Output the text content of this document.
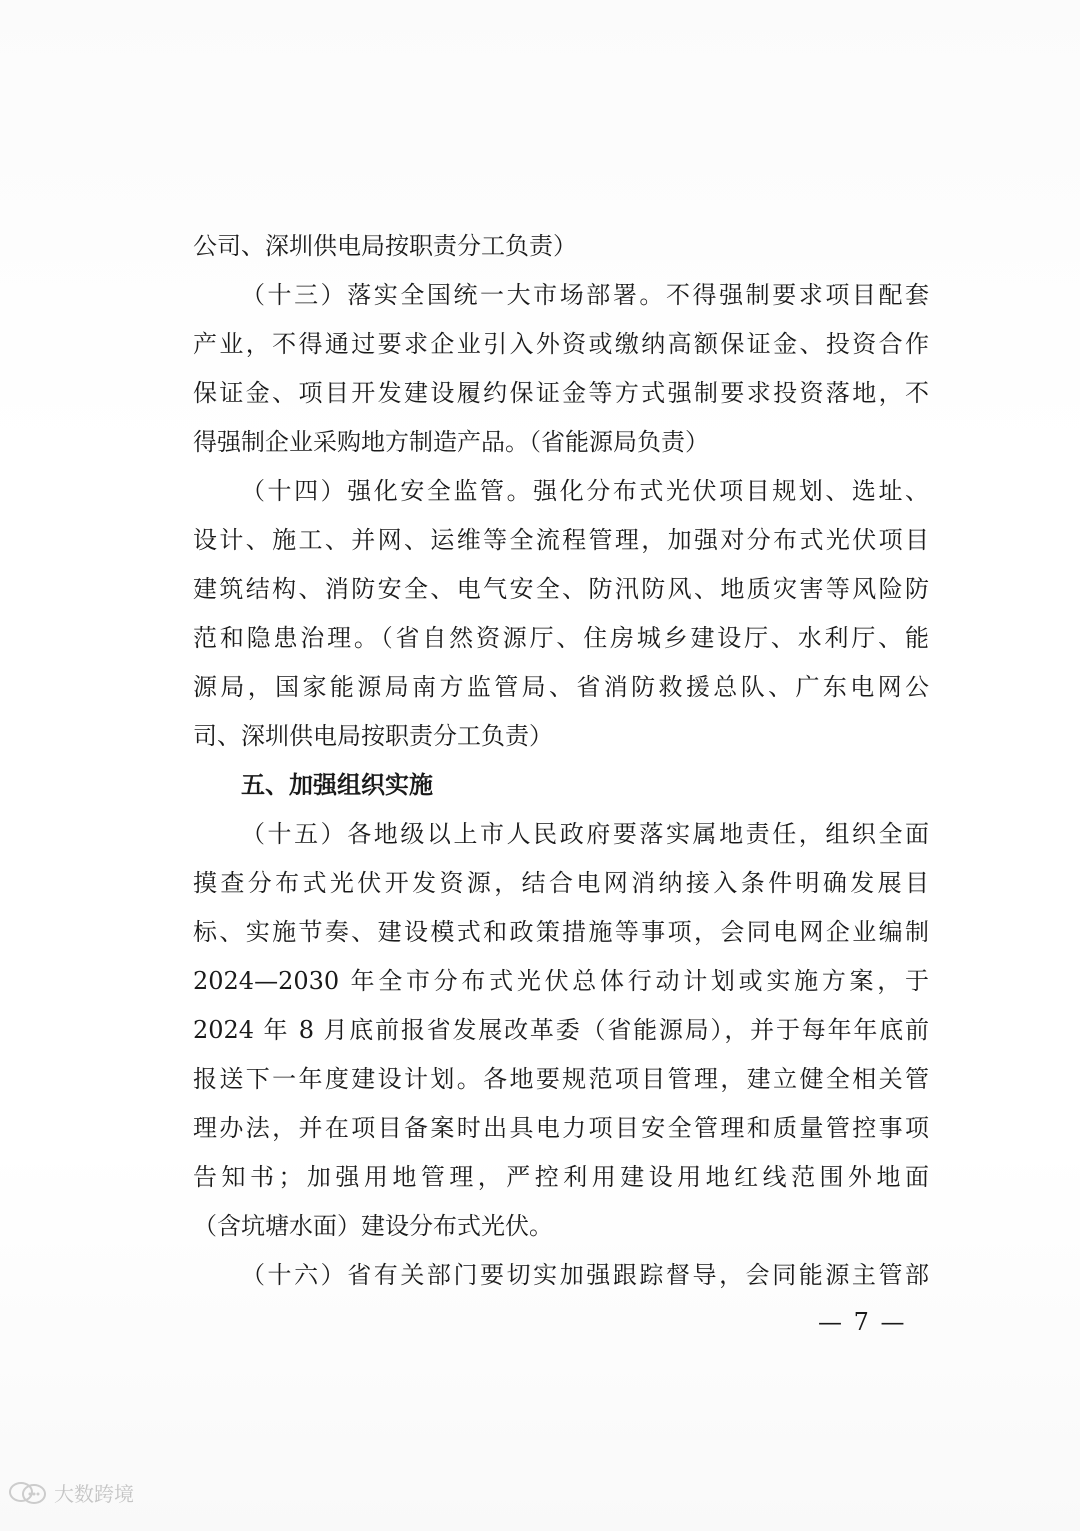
公司、深圳供电局按职责分工负责）
（十三）落实全国统一大市场部署。不得强制要求项目配套
产业，不得通过要求企业引入外资或缴纳高额保证金、投资合作
保证金、项目开发建设履约保证金等方式强制要求投资落地，不
得强制企业采购地方制造产品。（省能源局负责）
（十四）强化安全监管。强化分布式光伏项目规划、选址、
设计、施工、并网、运维等全流程管理，加强对分布式光伏项目
建筑结构、消防安全、电气安全、防汛防风、地质灾害等风险防
范和隐患治理。（省自然资源厅、住房城乡建设厅、水利厅、能
源局，国家能源局南方监管局、省消防救援总队、广东电网公
司、深圳供电局按职责分工负责）
五、加强组织实施
（十五）各地级以上市人民政府要落实属地责任，组织全面
摸查分布式光伏开发资源，结合电网消纳接入条件明确发展目
标、实施节奏、建设模式和政策措施等事项，会同电网企业编制
2024—2030 年全市分布式光伏总体行动计划或实施方案，于
2024 年 8 月底前报省发展改革委（省能源局），并于每年年底前
报送下一年度建设计划。各地要规范项目管理，建立健全相关管
理办法，并在项目备案时出具电力项目安全管理和质量管控事项
告知书；加强用地管理，严控利用建设用地红线范围外地面
（含坑塘水面）建设分布式光伏。
（十六）省有关部门要切实加强跟踪督导，会同能源主管部
— 7 —
大数跨境
